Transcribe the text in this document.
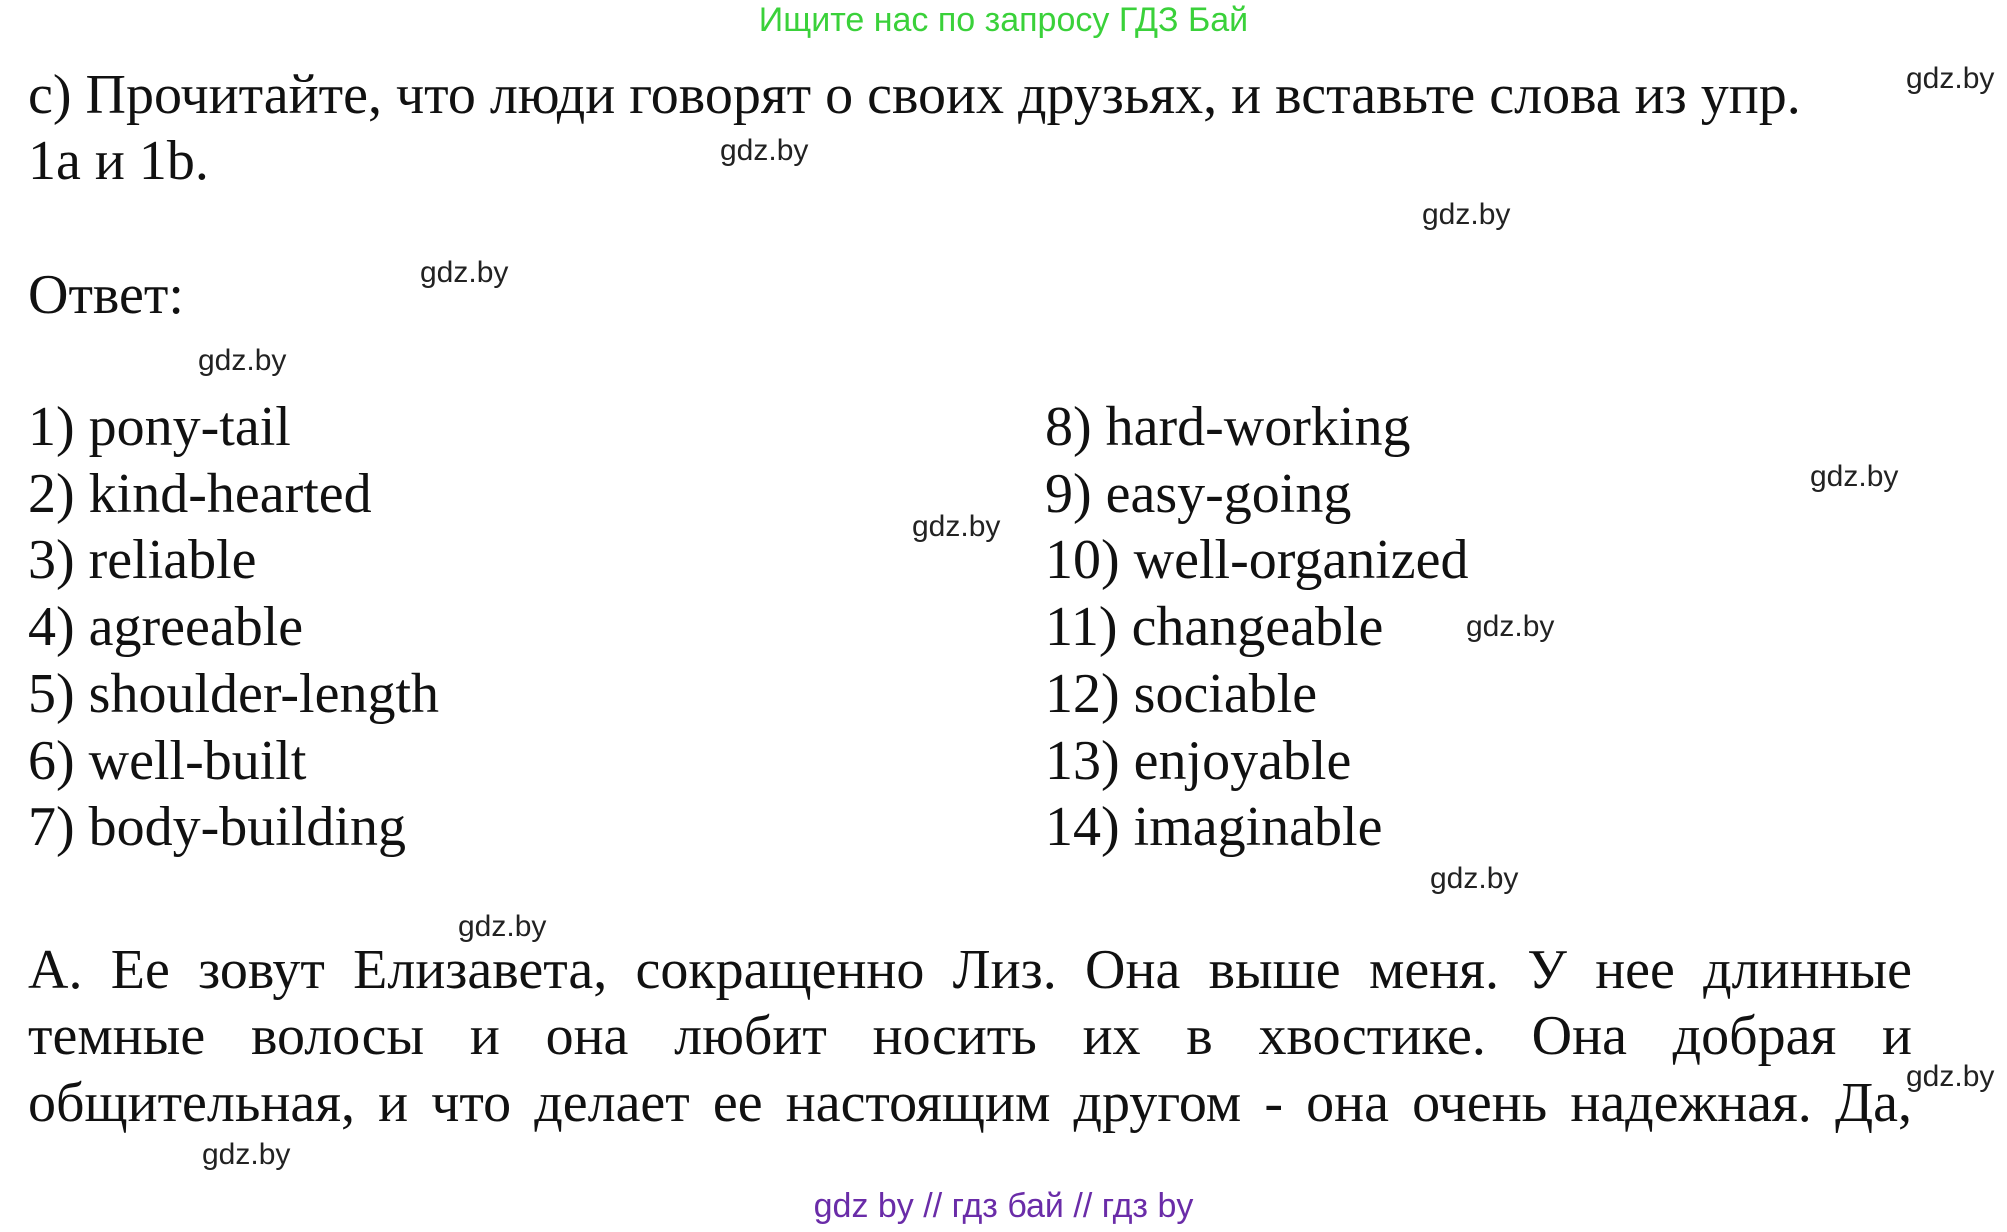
Ищите нас по запросу ГДЗ Бай
c) Прочитайте, что люди говорят о своих друзьях, и вставьте слова из упр.
1a и 1b.
Ответ:
1) pony-tail
2) kind-hearted
3) reliable
4) agreeable
5) shoulder-length
6) well-built
7) body-building
8) hard-working
9) easy-going
10) well-organized
11) changeable
12) sociable
13) enjoyable
14) imaginable
А. Ее зовут Елизавета, сокращенно Лиз. Она выше меня. У нее длинные
темные волосы и она любит носить их в хвостике. Она добрая и
общительная, и что делает ее настоящим другом - она очень надежная. Да,
gdz.by
gdz.by
gdz.by
gdz.by
gdz.by
gdz.by
gdz.by
gdz.by
gdz.by
gdz.by
gdz.by
gdz.by
gdz by // гдз бай // гдз by
